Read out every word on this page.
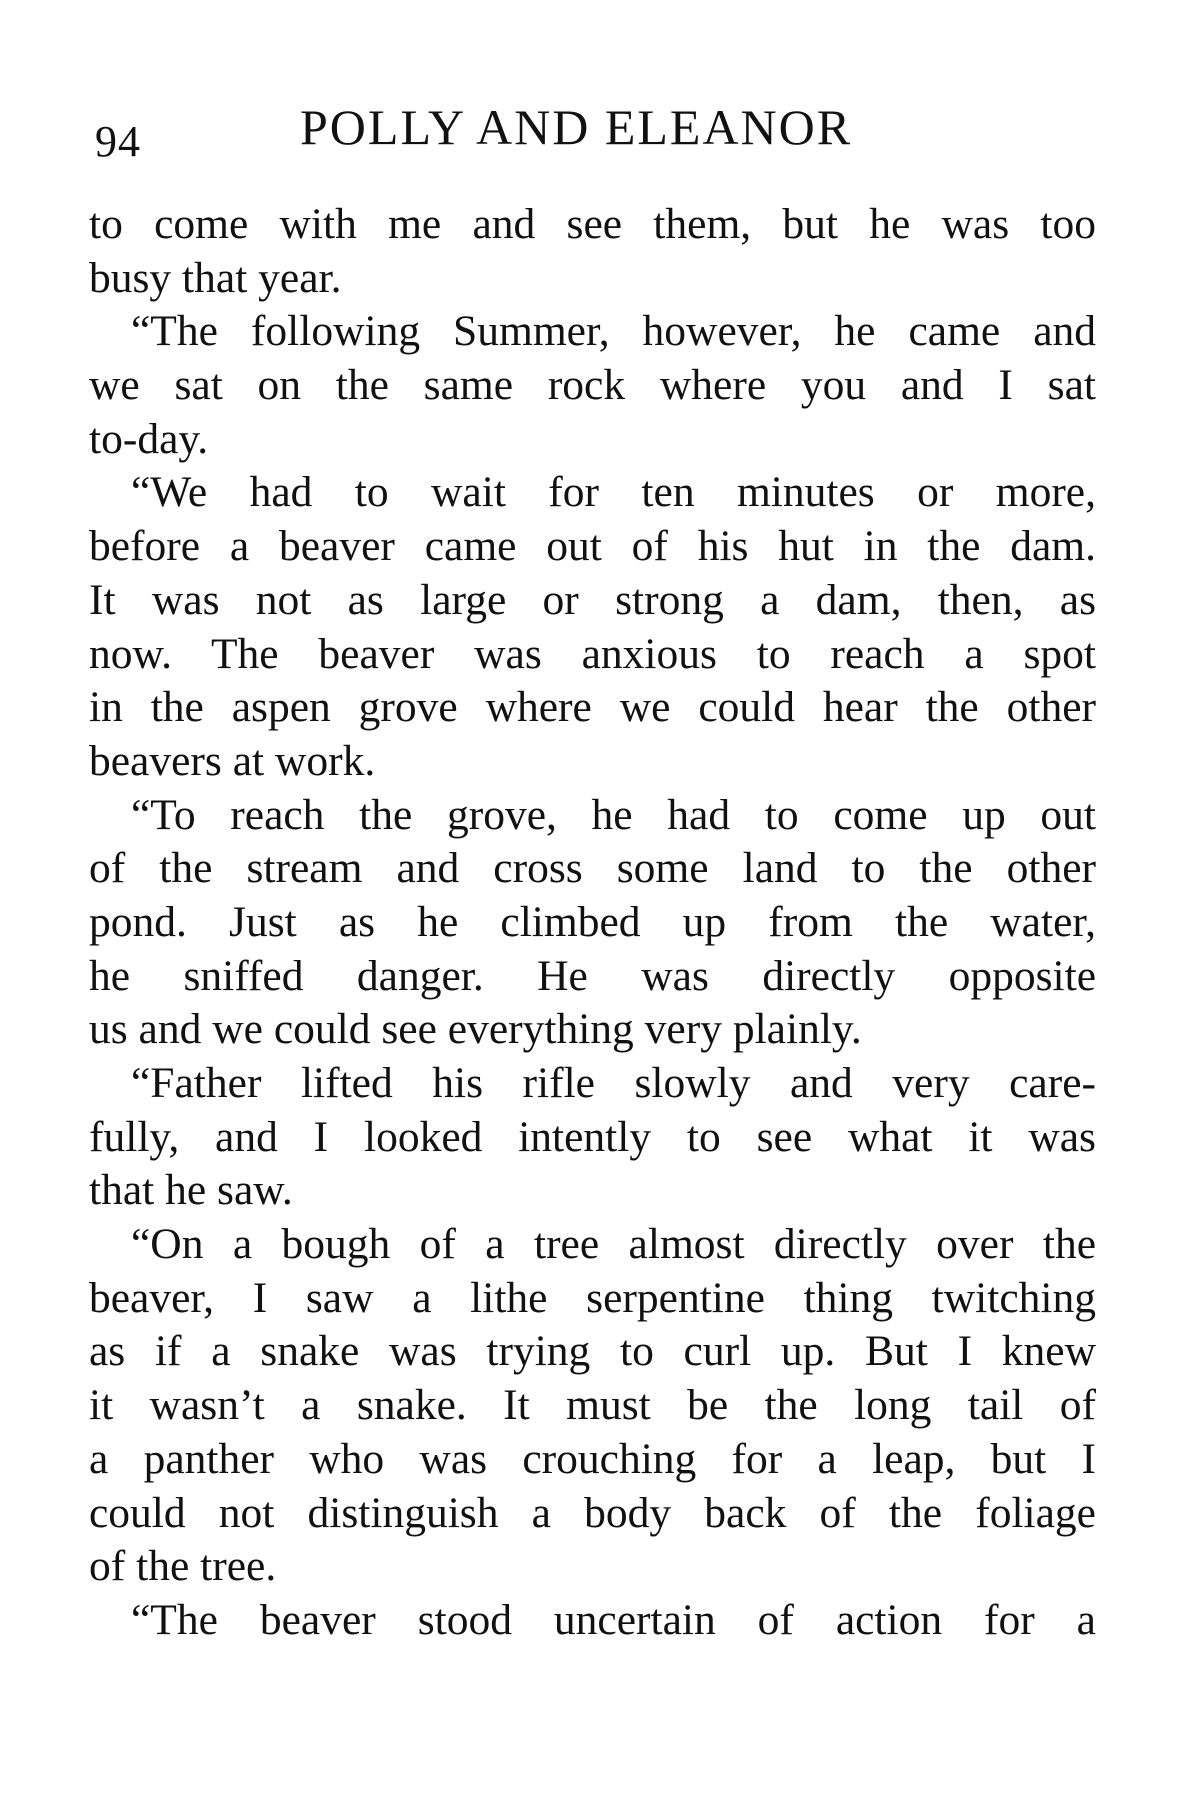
94	POLLY AND ELEANOR
to come with me and see them, but he was too
busy that year.
“The following Summer, however, he came and
we sat on the same rock where you and I sat
to-day.
“We had to wait for ten minutes or more,
before a beaver came out of his hut in the dam.
It was not as large or strong a dam, then, as
now. The beaver was anxious to reach a spot
in the aspen grove where we could hear the other
beavers at work.
“To reach the grove, he had to come up out
of the stream and cross some land to the other
pond. Just as he climbed up from the water,
he sniffed danger. He was directly opposite
us and we could see everything very plainly.
“Father lifted his rifle slowly and very care-
fully, and I looked intently to see what it was
that he saw.
“On a bough of a tree almost directly over the
beaver, I saw a lithe serpentine thing twitching
as if a snake was trying to curl up. But I knew
it wasn’t a snake. It must be the long tail of
a panther who was crouching for a leap, but I
could not distinguish a body back of the foliage
of the tree.
“The beaver stood uncertain of action for a
